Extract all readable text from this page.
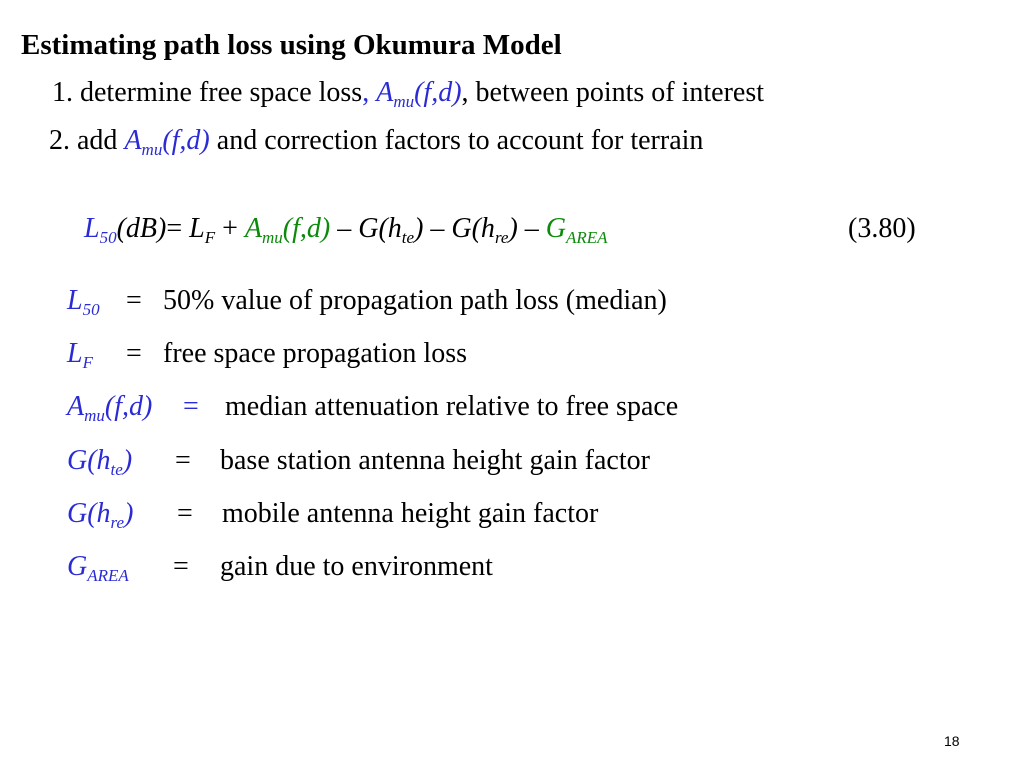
Estimating path loss using Okumura Model
1. determine free space loss, $A_{mu}(f,d)$, between points of interest
2. add $A_{mu}(f,d)$ and correction factors to account for terrain
$L_{50}(dB)= L_F + A_{mu}(f,d) - G(h_{te}) - G(h_{re}) - G_{AREA}$	(3.80)
$L_{50} = 50\%$ value of propagation path loss (median)
$L_F$ = free space propagation loss
$A_{mu}(f,d)$ = median attenuation relative to free space
$G(h_{te})$ = base station antenna height gain factor
$G(h_{re})$ = mobile antenna height gain factor
$G_{AREA}$ = gain due to environment
18
